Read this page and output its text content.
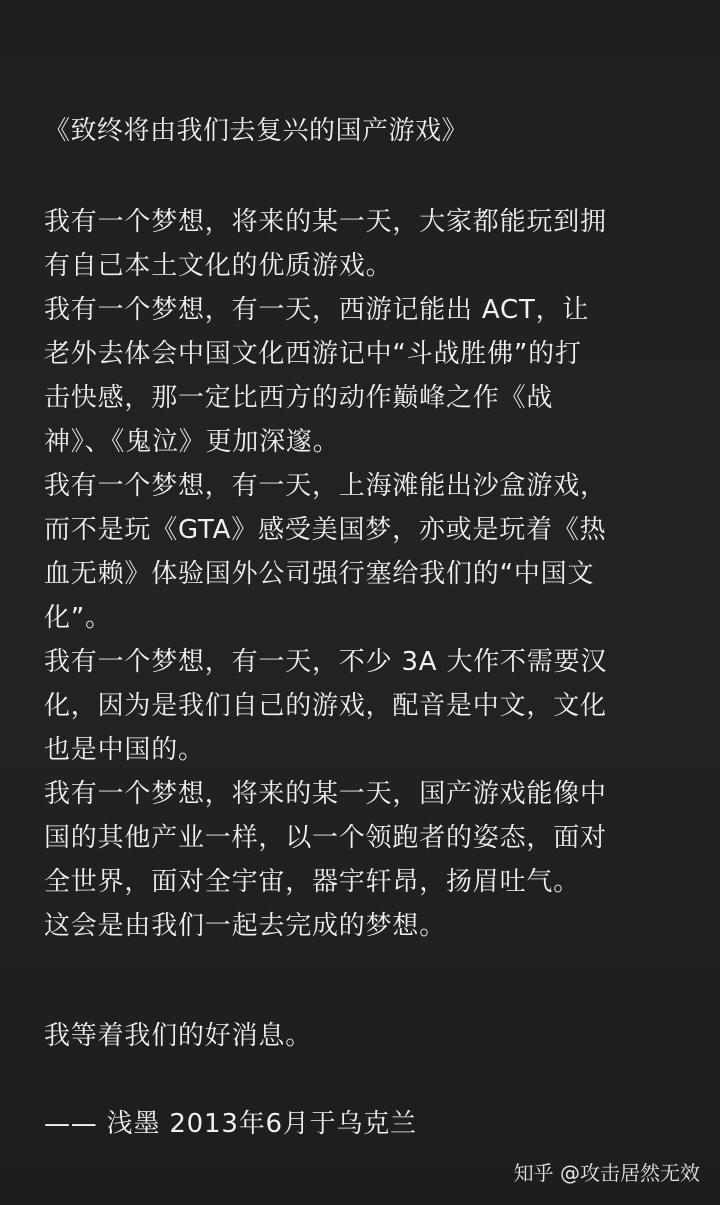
《致终将由我们去复兴的国产游戏》
我有一个梦想，将来的某一天，大家都能玩到拥
有自己本土文化的优质游戏。
我有一个梦想，有一天，西游记能出 ACT，让
老外去体会中国文化西游记中“斗战胜佛”的打
击快感，那一定比西方的动作巅峰之作《战
神》、《鬼泣》更加深邃。
我有一个梦想，有一天，上海滩能出沙盒游戏，
而不是玩《GTA》感受美国梦，亦或是玩着《热
血无赖》体验国外公司强行塞给我们的“中国文
化”。
我有一个梦想，有一天，不少 3A 大作不需要汉
化，因为是我们自己的游戏，配音是中文，文化
也是中国的。
我有一个梦想，将来的某一天，国产游戏能像中
国的其他产业一样，以一个领跑者的姿态，面对
全世界，面对全宇宙，器宇轩昂，扬眉吐气。
这会是由我们一起去完成的梦想。
我等着我们的好消息。
—— 浅墨 2013年6月于乌克兰
知乎 @攻击居然无效
